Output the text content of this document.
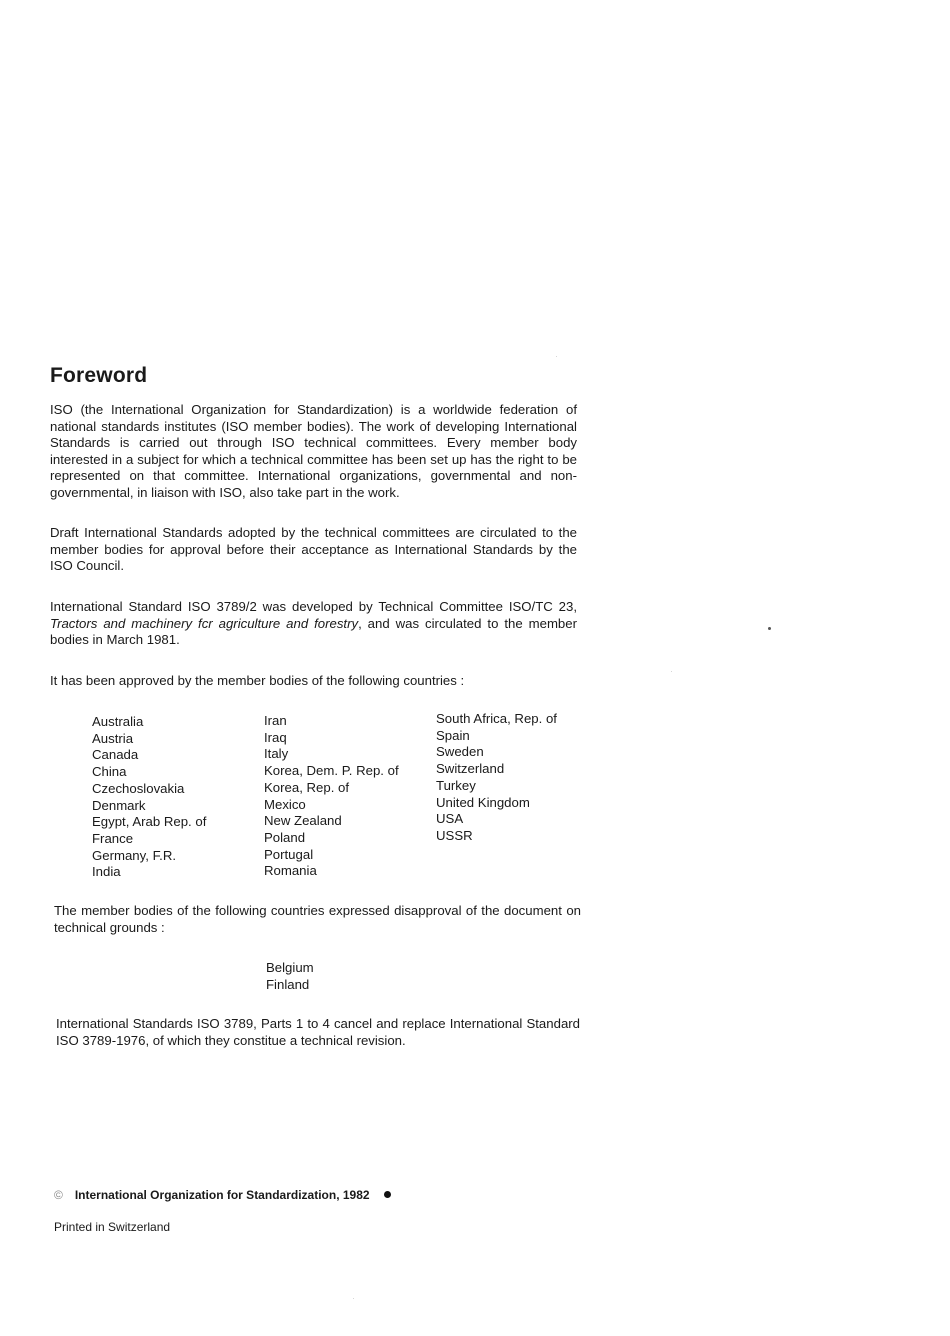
Foreword

ISO (the International Organization for Standardization) is a worldwide federation of national standards institutes (ISO member bodies). The work of developing International Standards is carried out through ISO technical committees. Every member body interested in a subject for which a technical committee has been set up has the right to be represented on that committee. International organizations, governmental and non-governmental, in liaison with ISO, also take part in the work.

Draft International Standards adopted by the technical committees are circulated to the member bodies for approval before their acceptance as International Standards by the ISO Council.

International Standard ISO 3789/2 was developed by Technical Committee ISO/TC 23, Tractors and machinery fcr agriculture and forestry, and was circulated to the member bodies in March 1981.

It has been approved by the member bodies of the following countries :

Australia
Austria
Canada
China
Czechoslovakia
Denmark
Egypt, Arab Rep. of
France
Germany, F.R.
India
Iran
Iraq
Italy
Korea, Dem. P. Rep. of
Korea, Rep. of
Mexico
New Zealand
Poland
Portugal
Romania
South Africa, Rep. of
Spain
Sweden
Switzerland
Turkey
United Kingdom
USA
USSR

The member bodies of the following countries expressed disapproval of the document on technical grounds :

Belgium
Finland

International Standards ISO 3789, Parts 1 to 4 cancel and replace International Standard ISO 3789-1976, of which they constitue a technical revision.

© International Organization for Standardization, 1982
Printed in Switzerland
